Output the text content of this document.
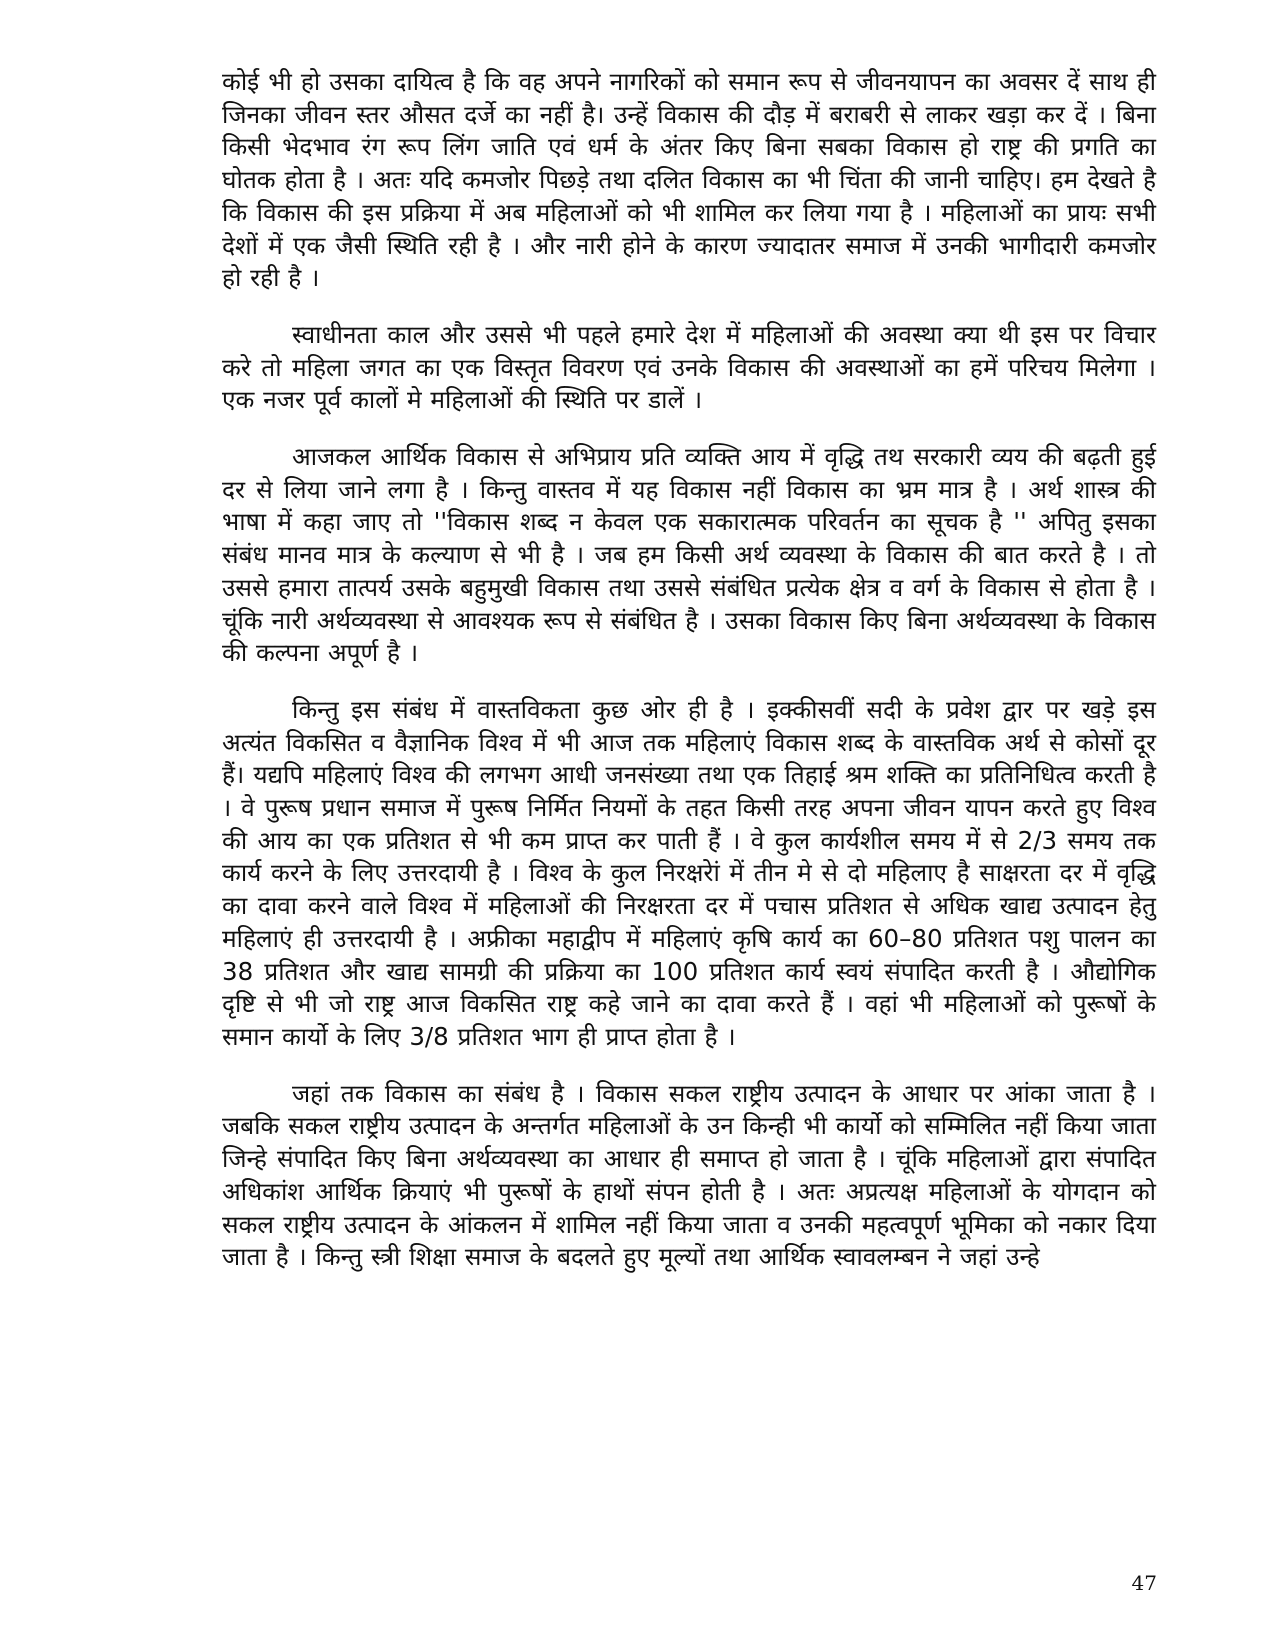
कोई भी हो उसका दायित्व है कि वह अपने नागरिकों को समान रूप से जीवनयापन का अवसर दें साथ ही जिनका जीवन स्तर औसत दर्जे का नहीं है। उन्हें विकास की दौड़ में बराबरी से लाकर खड़ा कर दें । बिना किसी भेदभाव रंग रूप लिंग जाति एवं धर्म के अंतर किए बिना सबका विकास हो राष्ट्र की प्रगति का घोतक होता है । अतः यदि कमजोर पिछड़े तथा दलित विकास का भी चिंता की जानी चाहिए। हम देखते है कि विकास की इस प्रक्रिया में अब महिलाओं को भी शामिल कर लिया गया है । महिलाओं का प्रायः सभी देशों में एक जैसी स्थिति रही है । और नारी होने के कारण ज्यादातर समाज में उनकी भागीदारी कमजोर हो रही है ।

स्वाधीनता काल और उससे भी पहले हमारे देश में महिलाओं की अवस्था क्या थी इस पर विचार करे तो महिला जगत का एक विस्तृत विवरण एवं उनके विकास की अवस्थाओं का हमें परिचय मिलेगा । एक नजर पूर्व कालों मे महिलाओं की स्थिति पर डालें ।

आजकल आर्थिक विकास से अभिप्राय प्रति व्यक्ति आय में वृद्धि तथ सरकारी व्यय की बढ़ती हुई दर से लिया जाने लगा है । किन्तु वास्तव में यह विकास नहीं विकास का भ्रम मात्र है । अर्थ शास्त्र की भाषा में कहा जाए तो ''विकास शब्द न केवल एक सकारात्मक परिवर्तन का सूचक है '' अपितु इसका संबंध मानव मात्र के कल्याण से भी है । जब हम किसी अर्थ व्यवस्था के विकास की बात करते है । तो उससे हमारा तात्पर्य उसके बहुमुखी विकास तथा उससे संबंधित प्रत्येक क्षेत्र व वर्ग के विकास से होता है । चूंकि नारी अर्थव्यवस्था से आवश्यक रूप से संबंधित है । उसका विकास किए बिना अर्थव्यवस्था के विकास की कल्पना अपूर्ण है ।

किन्तु इस संबंध में वास्तविकता कुछ ओर ही है । इक्कीसवीं सदी के प्रवेश द्वार पर खड़े इस अत्यंत विकसित व वैज्ञानिक विश्व में भी आज तक महिलाएं विकास शब्द के वास्तविक अर्थ से कोसों दूर हैं। यद्यपि महिलाएं विश्व की लगभग आधी जनसंख्या तथा एक तिहाई श्रम शक्ति का प्रतिनिधित्व करती है । वे पुरूष प्रधान समाज में पुरूष निर्मित नियमों के तहत किसी तरह अपना जीवन यापन करते हुए विश्व की आय का एक प्रतिशत से भी कम प्राप्त कर पाती हैं । वे कुल कार्यशील समय में से 2/3 समय तक कार्य करने के लिए उत्तरदायी है । विश्व के कुल निरक्षरेां में तीन मे से दो महिलाए है साक्षरता दर में वृद्धि का दावा करने वाले विश्व में महिलाओं की निरक्षरता दर में पचास प्रतिशत से अधिक खाद्य उत्पादन हेतु महिलाएं ही उत्तरदायी है । अफ्रीका महाद्वीप में महिलाएं कृषि कार्य का 60–80 प्रतिशत पशु पालन का 38 प्रतिशत और खाद्य सामग्री की प्रक्रिया का 100 प्रतिशत कार्य स्वयं संपादित करती है । औद्योगिक दृष्टि से भी जो राष्ट्र आज विकसित राष्ट्र कहे जाने का दावा करते हैं । वहां भी महिलाओं को पुरूषों के समान कार्यो के लिए 3/8 प्रतिशत भाग ही प्राप्त होता है ।

जहां तक विकास का संबंध है । विकास सकल राष्ट्रीय उत्पादन के आधार पर आंका जाता है । जबकि सकल राष्ट्रीय उत्पादन के अन्तर्गत महिलाओं के उन किन्ही भी कार्यो को सम्मिलित नहीं किया जाता जिन्हे संपादित किए बिना अर्थव्यवस्था का आधार ही समाप्त हो जाता है । चूंकि महिलाओं द्वारा संपादित अधिकांश आर्थिक क्रियाएं भी पुरूषों के हाथों संपन होती है । अतः अप्रत्यक्ष महिलाओं के योगदान को सकल राष्ट्रीय उत्पादन के आंकलन में शामिल नहीं किया जाता व उनकी महत्वपूर्ण भूमिका को नकार दिया जाता है । किन्तु स्त्री शिक्षा समाज के बदलते हुए मूल्यों तथा आर्थिक स्वावलम्बन ने जहां उन्हे

47
